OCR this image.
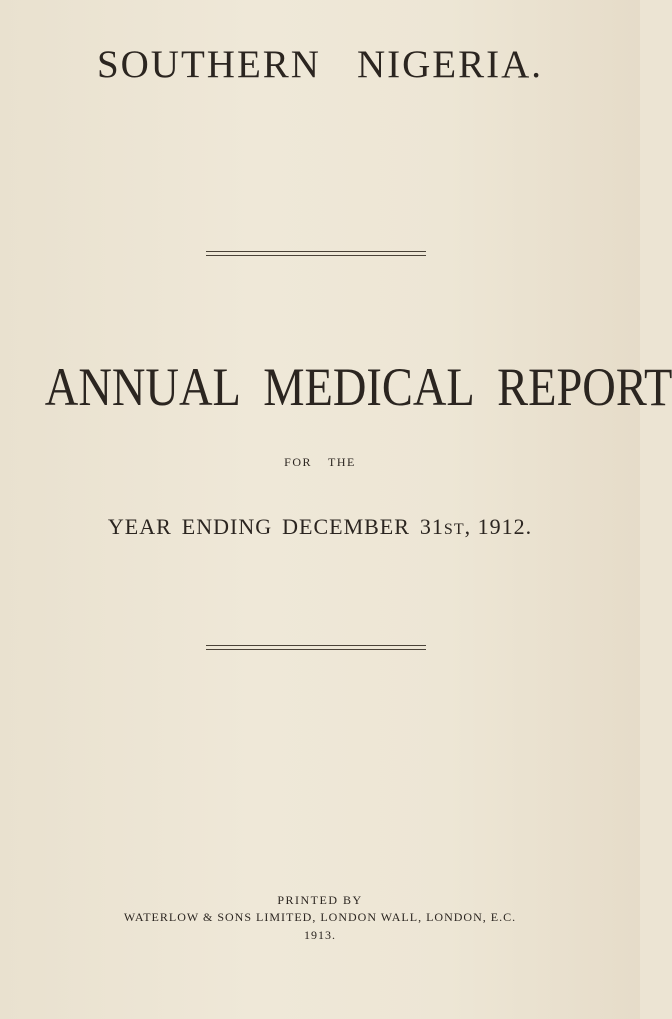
SOUTHERN NIGERIA.
ANNUAL MEDICAL REPORT
FOR THE
YEAR ENDING DECEMBER 31ST, 1912.
PRINTED BY
WATERLOW & SONS LIMITED, LONDON WALL, LONDON, E.C.
1913.
